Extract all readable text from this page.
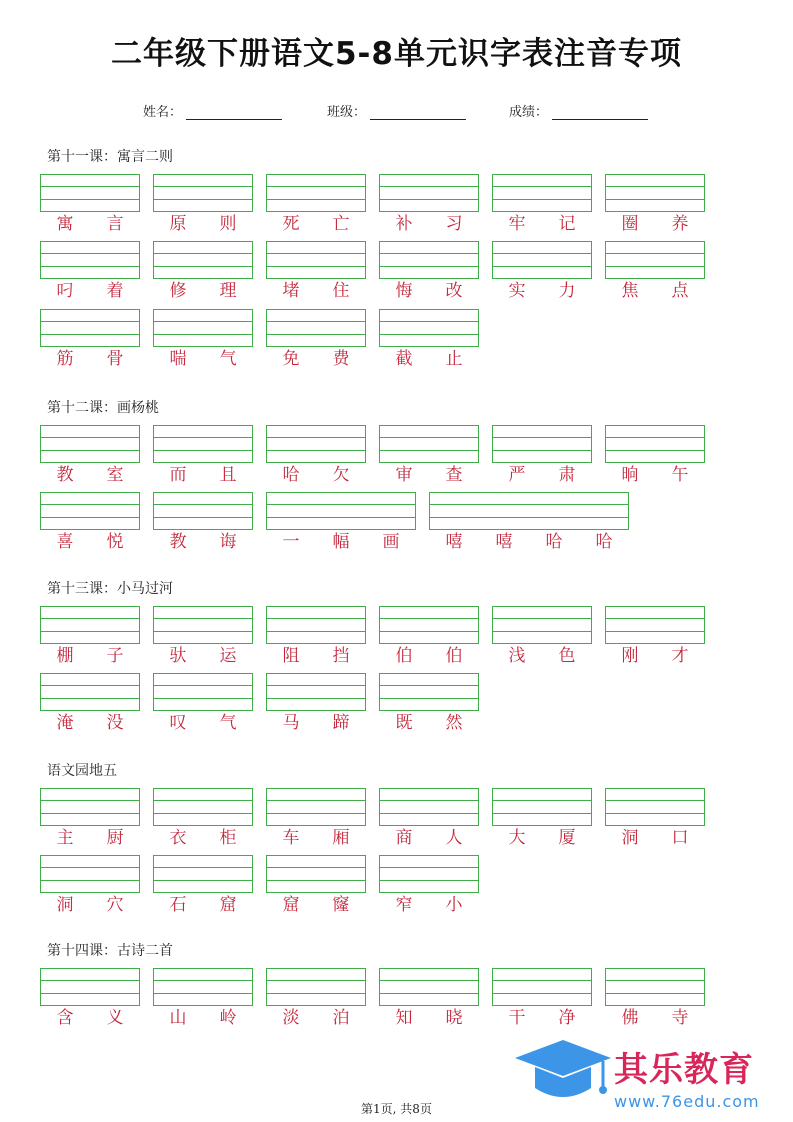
二年级下册语文5-8单元识字表注音专项
姓名：	班级：	成绩：
第十一课：寓言二则
寓 言	原 则	死 亡	补 习	牢 记	圈 养
叼 着	修 理	堵 住	悔 改	实 力	焦 点
筋 骨	喘 气	免 费	截 止
第十二课：画杨桃
教 室	而 且	哈 欠	审 查	严 肃	晌 午
喜 悦	教 诲	一 幅 画	嘻 嘻 哈 哈
第十三课：小马过河
棚 子	驮 运	阻 挡	伯 伯	浅 色	刚 才
淹 没	叹 气	马 蹄	既 然
语文园地五
主 厨	衣 柜	车 厢	商 人	大 厦	洞 口
洞 穴	石 窟	窟 窿	窄 小
第十四课：古诗二首
含 义	山 岭	淡 泊	知 晓	干 净	佛 寺
其乐教育
www.76edu.com
第1页, 共8页
